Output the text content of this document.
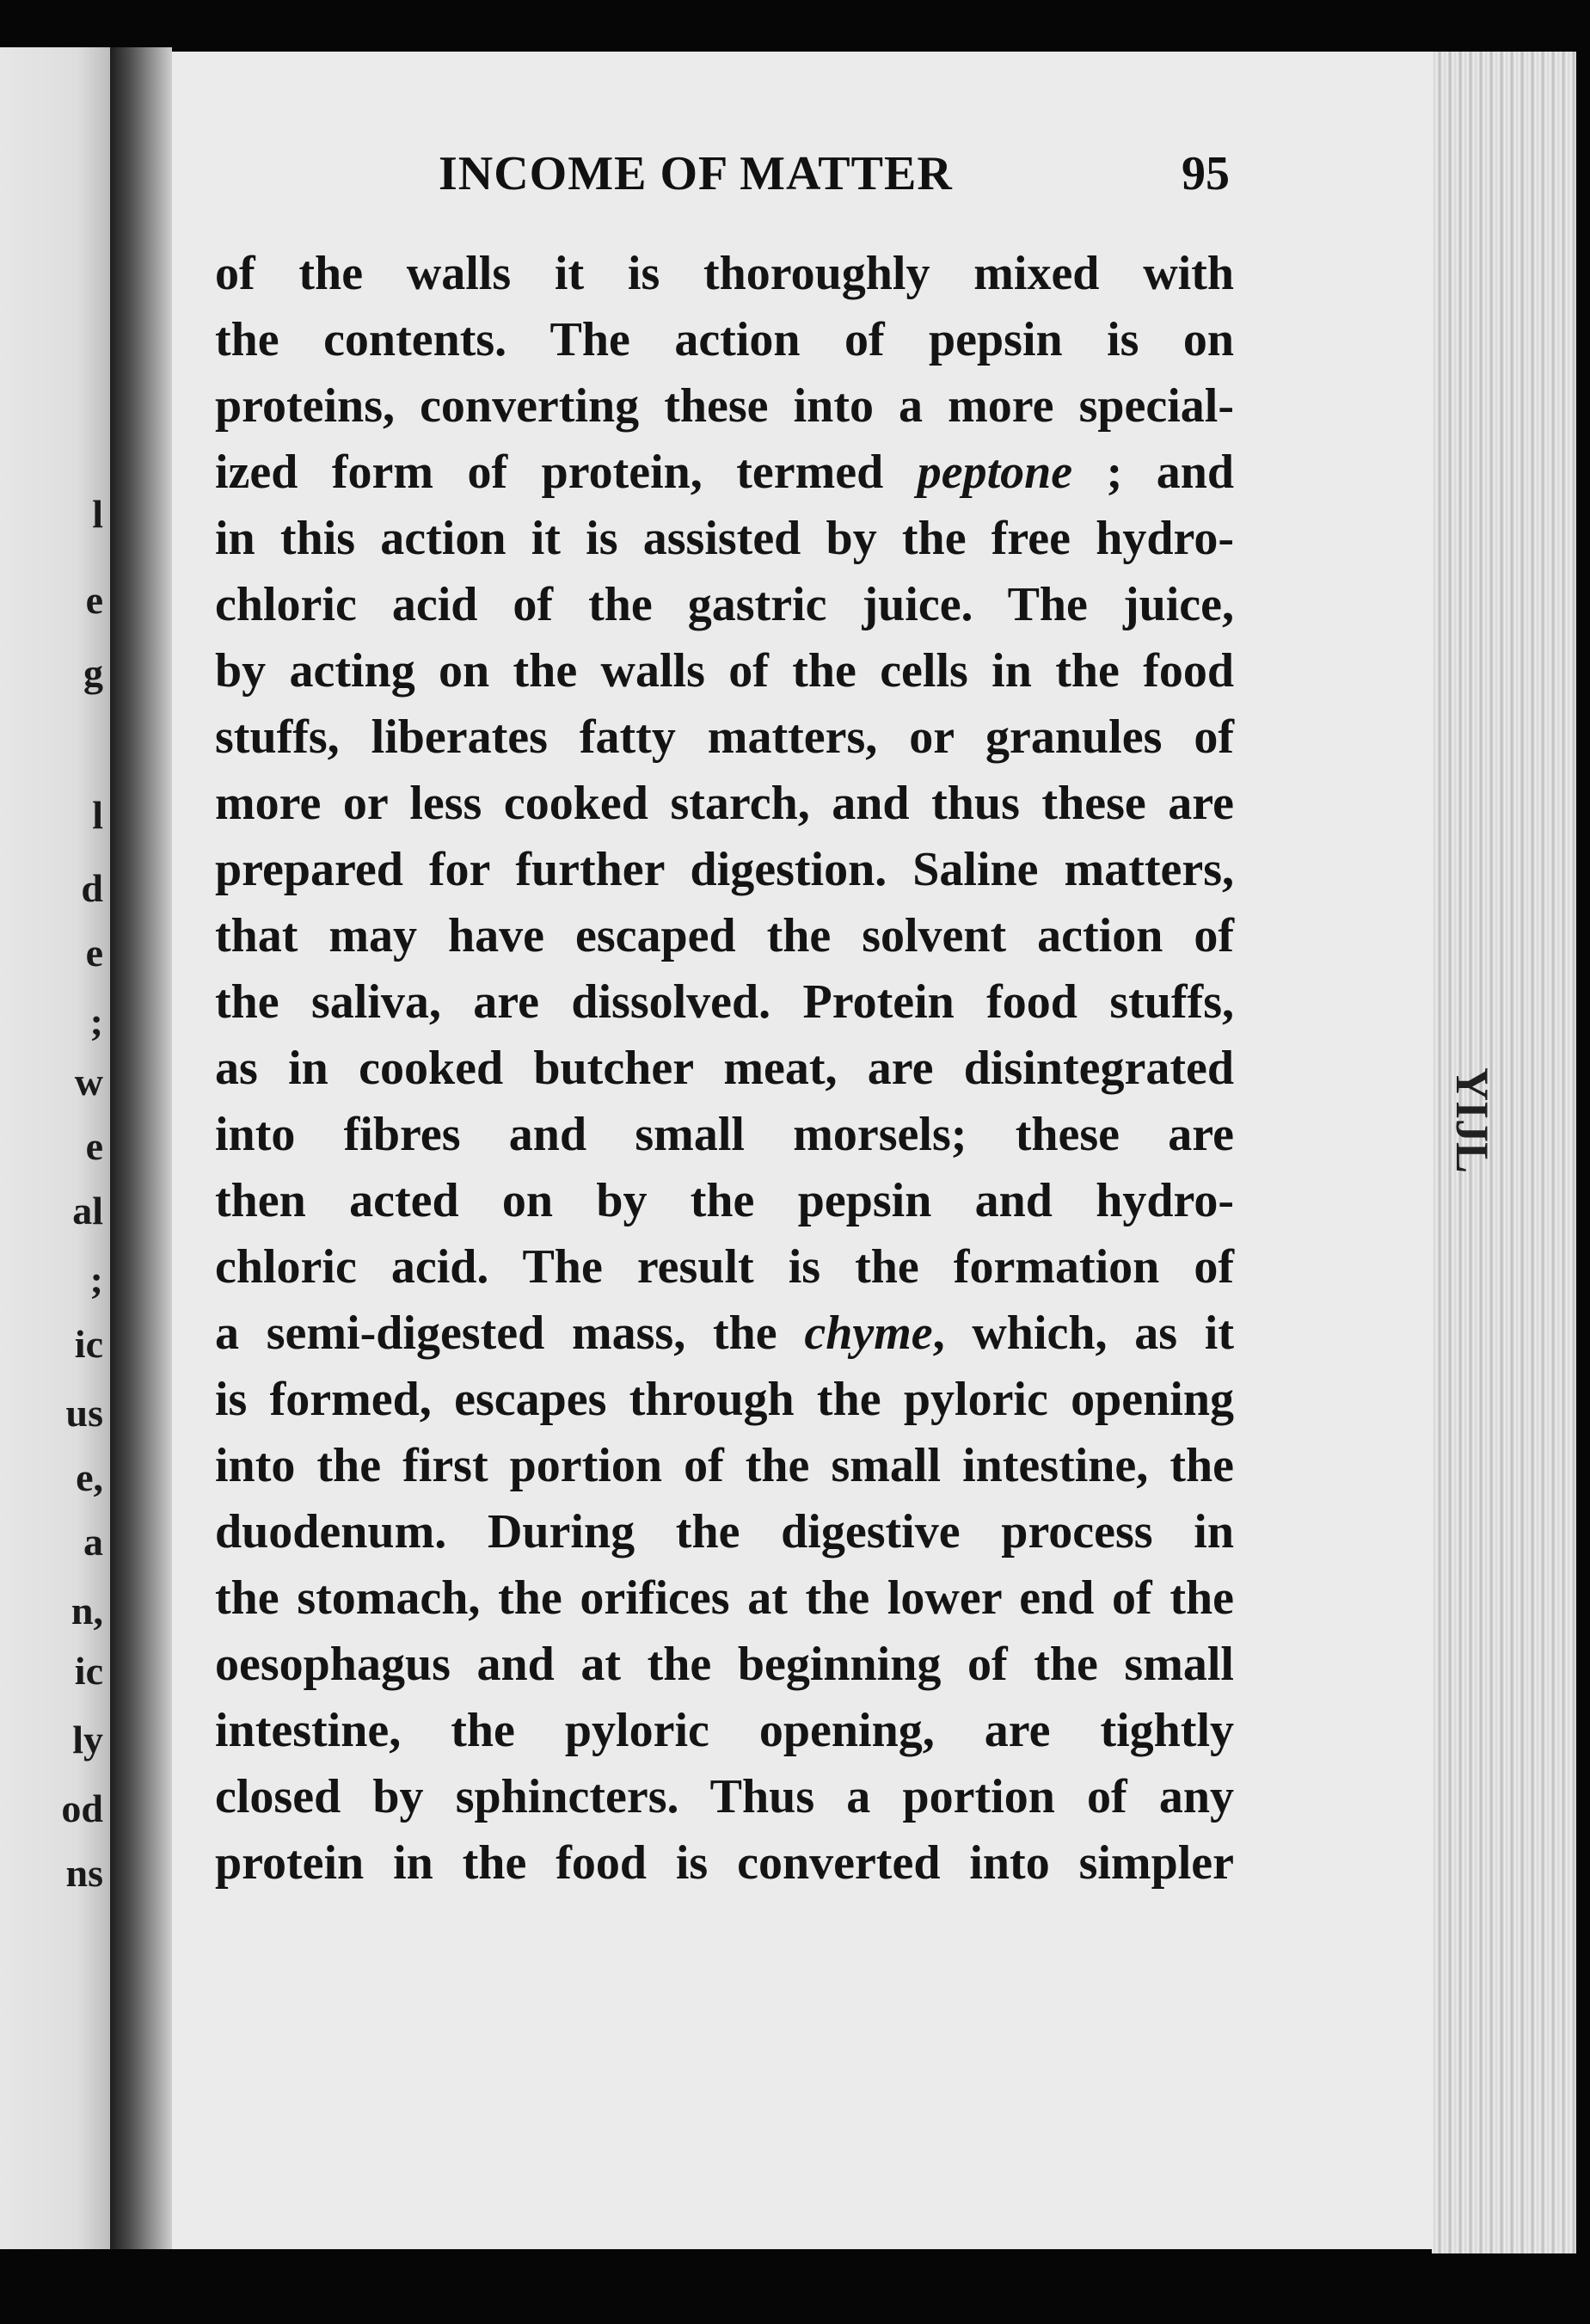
l
e
g
l
d
e
;
w
e
al
;
ic
us
e,
a
n,
ic
ly
od
ns
INCOME OF MATTER	95
of the walls it is thoroughly mixed with
the contents. The action of pepsin is on
proteins, converting these into a more special-
ized form of protein, termed peptone ; and
in this action it is assisted by the free hydro-
chloric acid of the gastric juice. The juice,
by acting on the walls of the cells in the food
stuffs, liberates fatty matters, or granules of
more or less cooked starch, and thus these are
prepared for further digestion. Saline matters,
that may have escaped the solvent action of
the saliva, are dissolved. Protein food stuffs,
as in cooked butcher meat, are disintegrated
into fibres and small morsels; these are
then acted on by the pepsin and hydro-
chloric acid. The result is the formation of
a semi-digested mass, the chyme, which, as it
is formed, escapes through the pyloric opening
into the first portion of the small intestine, the
duodenum. During the digestive process in
the stomach, the orifices at the lower end of the
oesophagus and at the beginning of the small
intestine, the pyloric opening, are tightly
closed by sphincters. Thus a portion of any
protein in the food is converted into simpler
